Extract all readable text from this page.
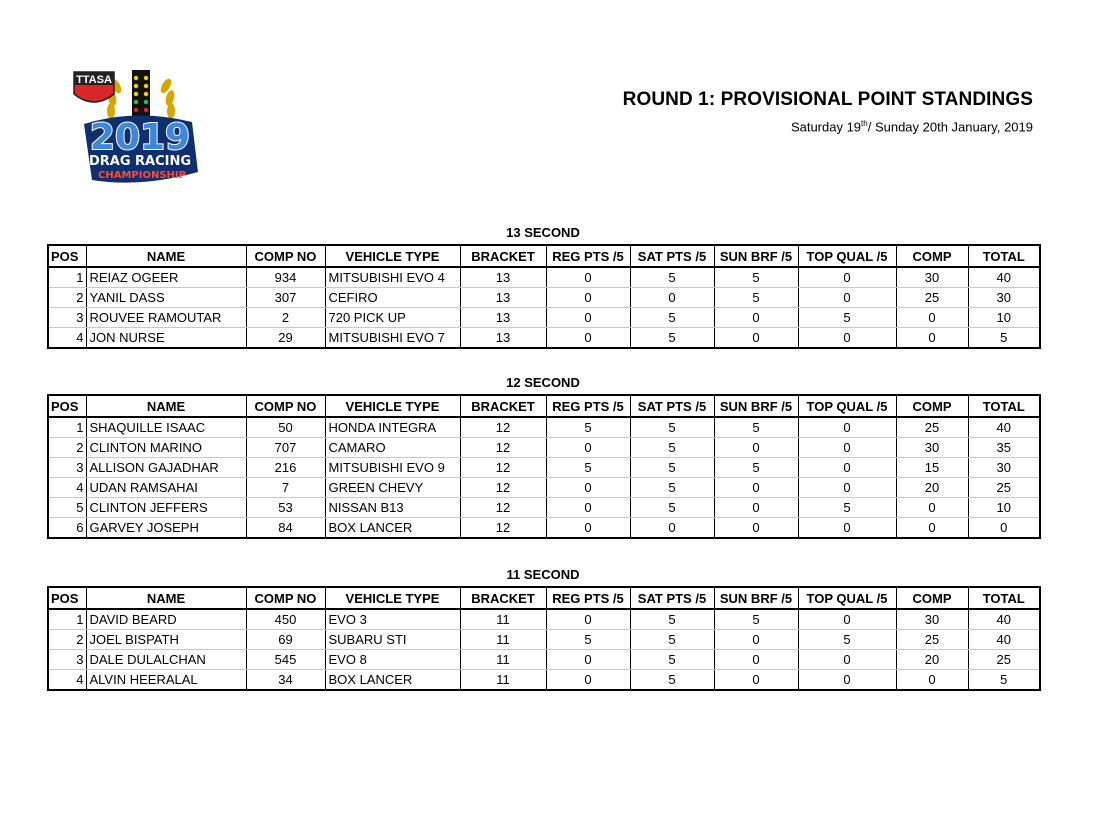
TTASA
2019
DRAG RACING
CHAMPIONSHIP
ROUND 1: PROVISIONAL POINT STANDINGS
Saturday 19th/ Sunday 20th January, 2019
13 SECOND
POS	NAME	COMP NO	VEHICLE TYPE	BRACKET	REG PTS /5	SAT PTS /5	SUN BRF /5	TOP QUAL /5	COMP	TOTAL
1	REIAZ OGEER	934	MITSUBISHI EVO 4	13	0	5	5	0	30	40
2	YANIL DASS	307	CEFIRO	13	0	0	5	0	25	30
3	ROUVEE RAMOUTAR	2	720 PICK UP	13	0	5	0	5	0	10
4	JON NURSE	29	MITSUBISHI EVO 7	13	0	5	0	0	0	5
12 SECOND
POS	NAME	COMP NO	VEHICLE TYPE	BRACKET	REG PTS /5	SAT PTS /5	SUN BRF /5	TOP QUAL /5	COMP	TOTAL
1	SHAQUILLE ISAAC	50	HONDA INTEGRA	12	5	5	5	0	25	40
2	CLINTON MARINO	707	CAMARO	12	0	5	0	0	30	35
3	ALLISON GAJADHAR	216	MITSUBISHI EVO 9	12	5	5	5	0	15	30
4	UDAN RAMSAHAI	7	GREEN CHEVY	12	0	5	0	0	20	25
5	CLINTON JEFFERS	53	NISSAN B13	12	0	5	0	5	0	10
6	GARVEY JOSEPH	84	BOX LANCER	12	0	0	0	0	0	0
11 SECOND
POS	NAME	COMP NO	VEHICLE TYPE	BRACKET	REG PTS /5	SAT PTS /5	SUN BRF /5	TOP QUAL /5	COMP	TOTAL
1	DAVID BEARD	450	EVO 3	11	0	5	5	0	30	40
2	JOEL BISPATH	69	SUBARU STI	11	5	5	0	5	25	40
3	DALE DULALCHAN	545	EVO 8	11	0	5	0	0	20	25
4	ALVIN HEERALAL	34	BOX LANCER	11	0	5	0	0	0	5
